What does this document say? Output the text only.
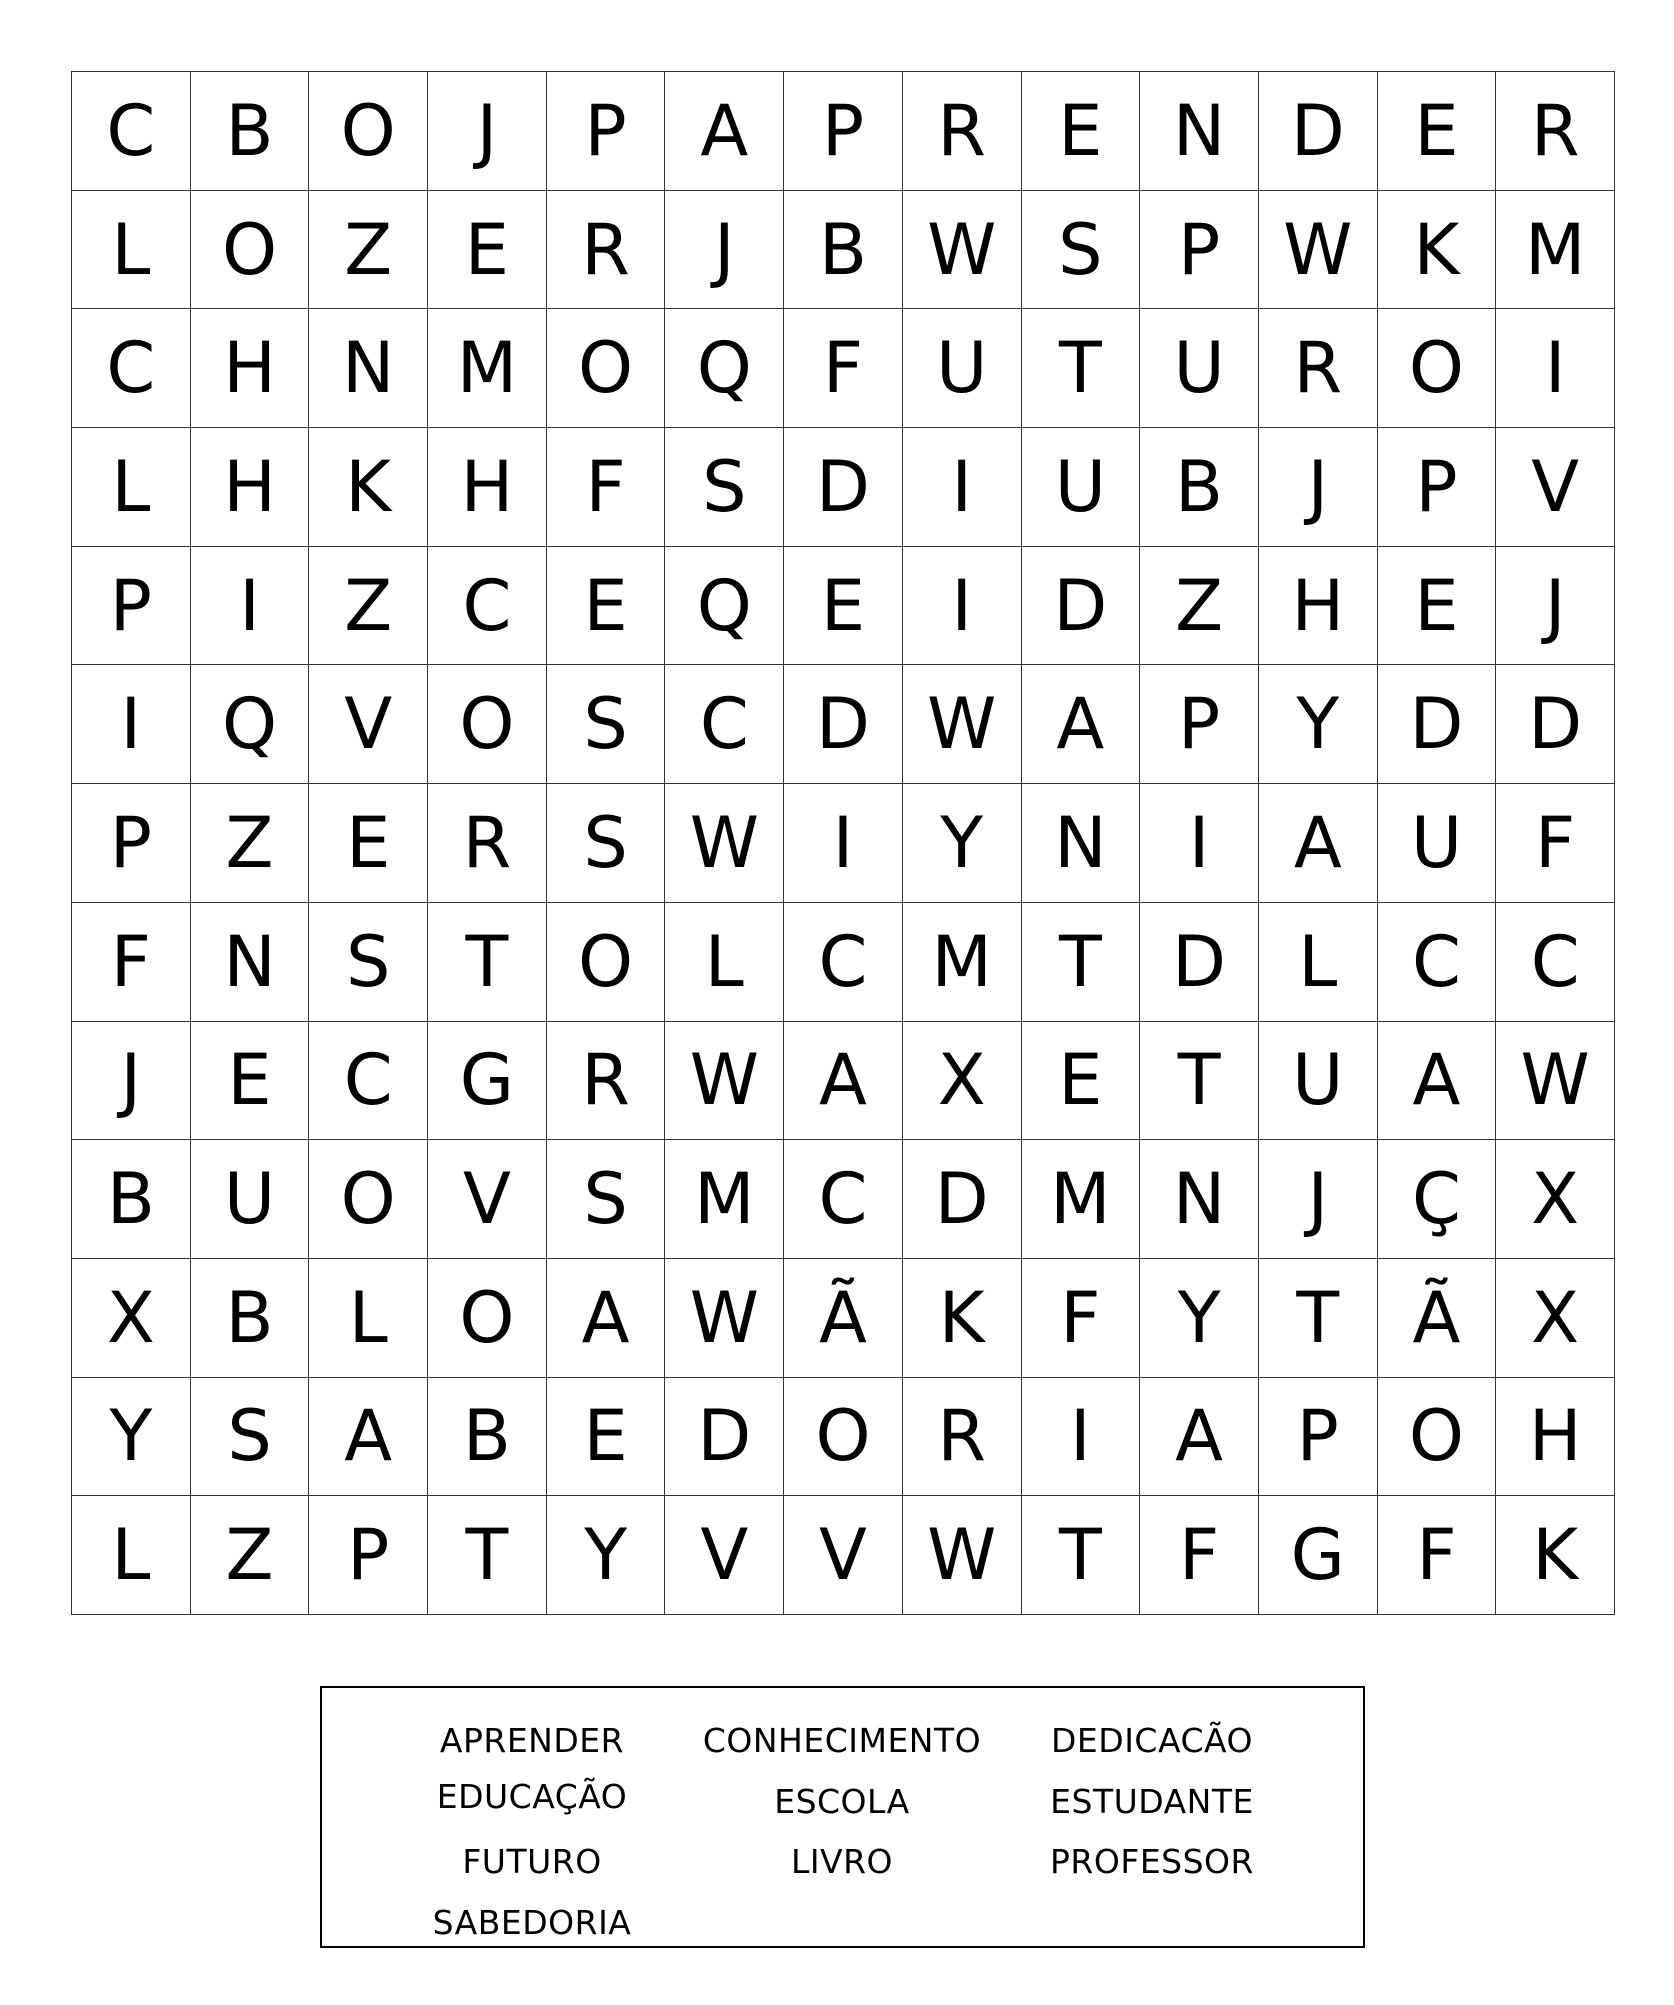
C	B O	J	P	A	P	R	E	N D E	R
L	O Z	E	R	J	B W S	P W K M
C H N M O Q	F	U	T	U R O	I
L	H K H	F	S D	I	U B	J	P	V
P	I	Z	C	E Q E	I	D Z H	E	J
I	Q V O S	C D W A	P	Y	D D
P	Z	E	R	S W	I	Y	N	I	A U	F
F	N	S	T O	L	C M T	D	L	C C
J	E	C G R W A	X	E	T	U A W
B U O V	S M C D M N	J	Ç	X
X	B	L	O A W Ã	K	F	Y	T	Ã	X
Y	S	A	B	E D O R	I	A	P	O H
L	Z	P	T	Y	V	V W T	F	G	F	K
APRENDER	CONHECIMENTO	DEDICACÃO
EDUCAÇÃO	ESCOLA	ESTUDANTE
FUTURO	LIVRO	PROFESSOR
SABEDORIA
